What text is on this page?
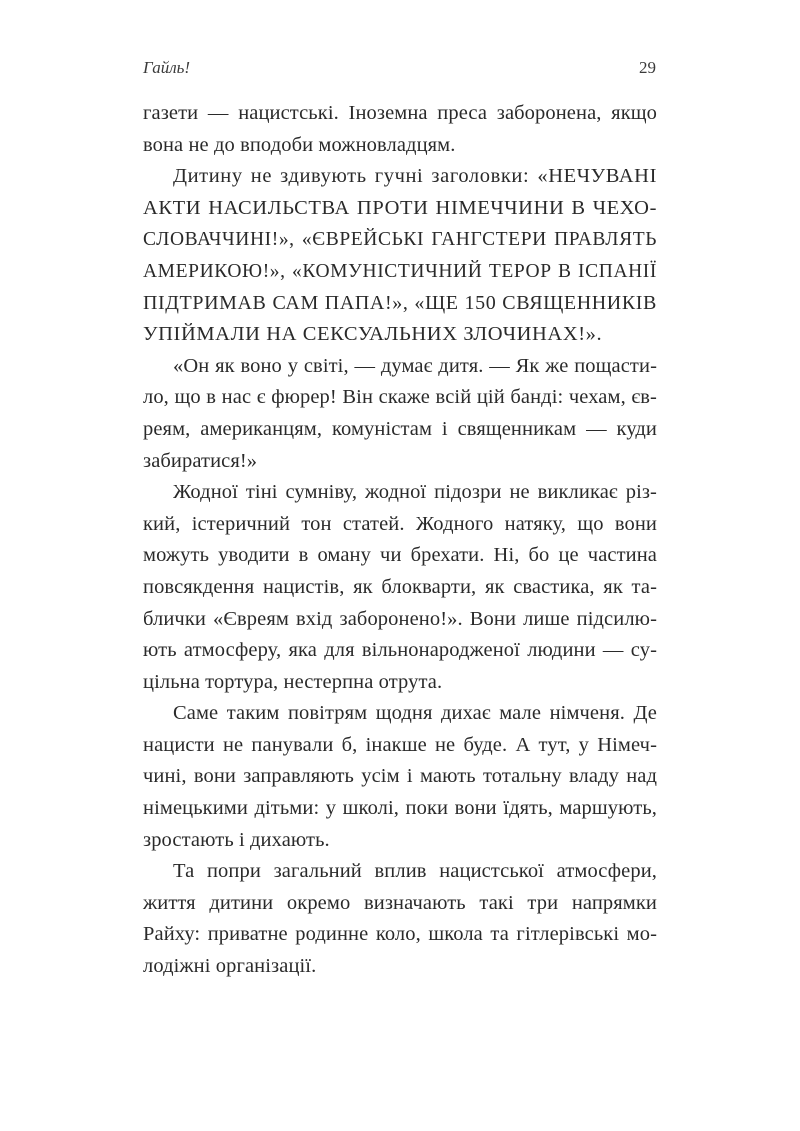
Гайль!	29
газети — нацистські. Іноземна преса заборонена, якщо
вона не до вподоби можновладцям.
Дитину не здивують гучні заголовки: «НЕЧУВАНІ
АКТИ НАСИЛЬСТВА ПРОТИ НІМЕЧЧИНИ В ЧЕХО-
СЛОВАЧЧИНІ!», «ЄВРЕЙСЬКІ ГАНГСТЕРИ ПРАВЛЯТЬ
АМЕРИКОЮ!», «КОМУНІСТИЧНИЙ ТЕРОР В ІСПАНІЇ
ПІДТРИМАВ САМ ПАПА!», «ЩЕ 150 СВЯЩЕННИКІВ
УПІЙМАЛИ НА СЕКСУАЛЬНИХ ЗЛОЧИНАХ!».
«Он як воно у світі, — думає дитя. — Як же пощасти-
ло, що в нас є фюрер! Він скаже всій цій банді: чехам, єв-
реям, американцям, комуністам і священникам — куди
забиратися!»
Жодної тіні сумніву, жодної підозри не викликає різ-
кий, істеричний тон статей. Жодного натяку, що вони
можуть уводити в оману чи брехати. Ні, бо це частина
повсякдення нацистів, як блокварти, як свастика, як та-
блички «Євреям вхід заборонено!». Вони лише підсилю-
ють атмосферу, яка для вільнонародженої людини — су-
цільна тортура, нестерпна отрута.
Саме таким повітрям щодня дихає мале німченя. Де
нацисти не панували б, інакше не буде. А тут, у Німеч-
чині, вони заправляють усім і мають тотальну владу над
німецькими дітьми: у школі, поки вони їдять, маршують,
зростають і дихають.
Та попри загальний вплив нацистської атмосфери,
життя дитини окремо визначають такі три напрямки
Райху: приватне родинне коло, школа та гітлерівські мо-
лодіжні організації.
